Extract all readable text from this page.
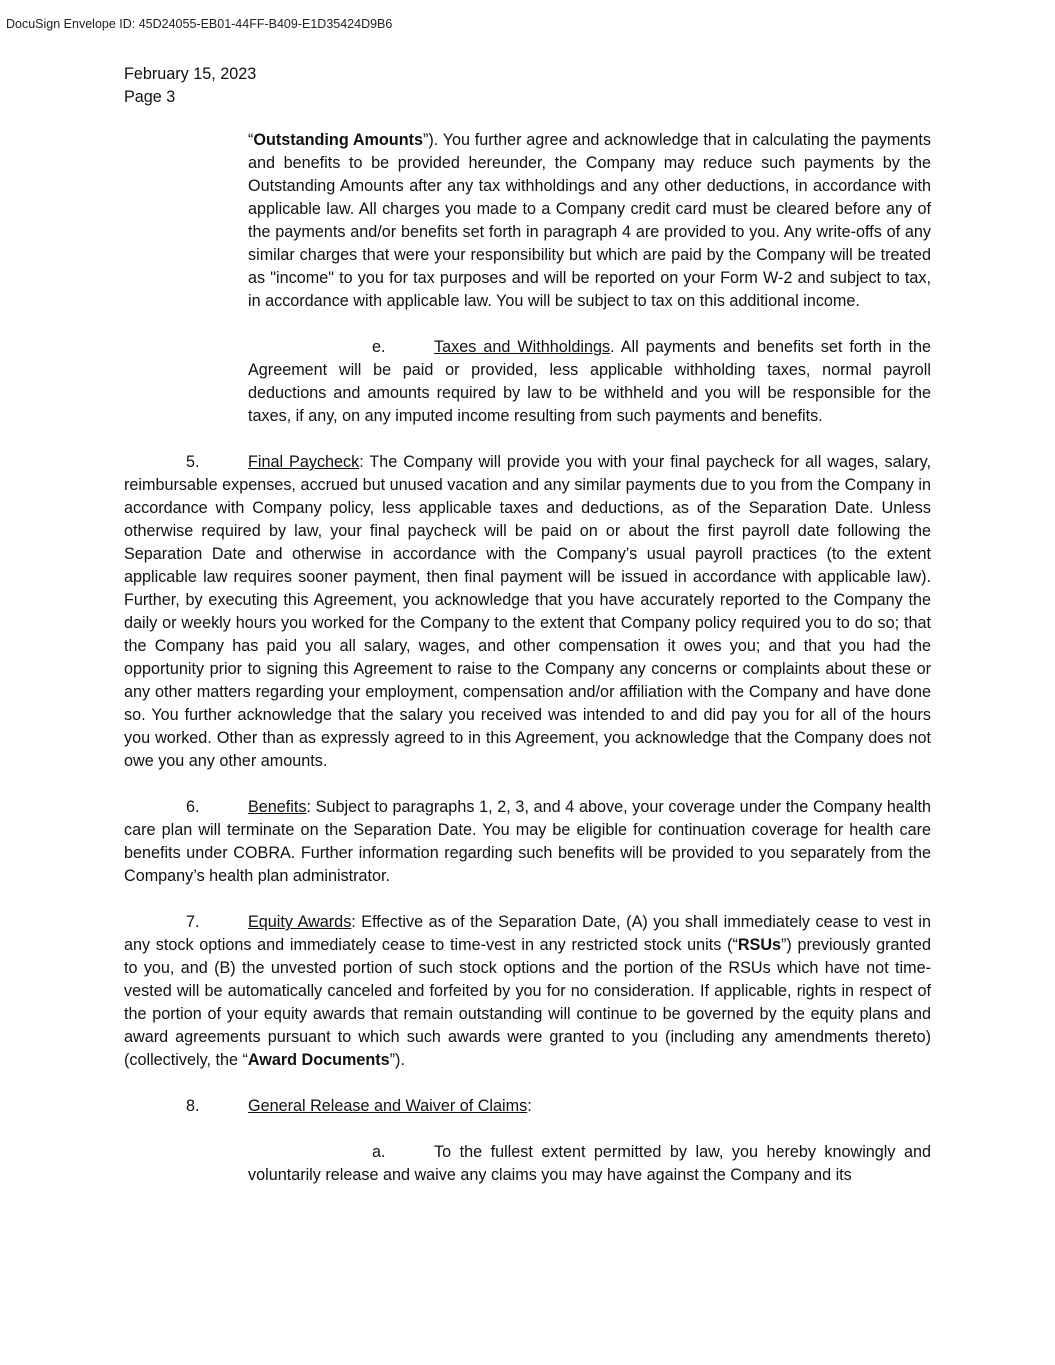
DocuSign Envelope ID: 45D24055-EB01-44FF-B409-E1D35424D9B6
February 15, 2023
Page 3

“Outstanding Amounts”). You further agree and acknowledge that in calculating the payments and benefits to be provided hereunder, the Company may reduce such payments by the Outstanding Amounts after any tax withholdings and any other deductions, in accordance with applicable law. All charges you made to a Company credit card must be cleared before any of the payments and/or benefits set forth in paragraph 4 are provided to you. Any write-offs of any similar charges that were your responsibility but which are paid by the Company will be treated as "income" to you for tax purposes and will be reported on your Form W-2 and subject to tax, in accordance with applicable law. You will be subject to tax on this additional income.

e.	Taxes and Withholdings. All payments and benefits set forth in the Agreement will be paid or provided, less applicable withholding taxes, normal payroll deductions and amounts required by law to be withheld and you will be responsible for the taxes, if any, on any imputed income resulting from such payments and benefits.

5.	Final Paycheck: The Company will provide you with your final paycheck for all wages, salary, reimbursable expenses, accrued but unused vacation and any similar payments due to you from the Company in accordance with Company policy, less applicable taxes and deductions, as of the Separation Date. Unless otherwise required by law, your final paycheck will be paid on or about the first payroll date following the Separation Date and otherwise in accordance with the Company’s usual payroll practices (to the extent applicable law requires sooner payment, then final payment will be issued in accordance with applicable law). Further, by executing this Agreement, you acknowledge that you have accurately reported to the Company the daily or weekly hours you worked for the Company to the extent that Company policy required you to do so; that the Company has paid you all salary, wages, and other compensation it owes you; and that you had the opportunity prior to signing this Agreement to raise to the Company any concerns or complaints about these or any other matters regarding your employment, compensation and/or affiliation with the Company and have done so. You further acknowledge that the salary you received was intended to and did pay you for all of the hours you worked. Other than as expressly agreed to in this Agreement, you acknowledge that the Company does not owe you any other amounts.

6.	Benefits: Subject to paragraphs 1, 2, 3, and 4 above, your coverage under the Company health care plan will terminate on the Separation Date. You may be eligible for continuation coverage for health care benefits under COBRA. Further information regarding such benefits will be provided to you separately from the Company’s health plan administrator.

7.	Equity Awards: Effective as of the Separation Date, (A) you shall immediately cease to vest in any stock options and immediately cease to time-vest in any restricted stock units (“RSUs”) previously granted to you, and (B) the unvested portion of such stock options and the portion of the RSUs which have not time-vested will be automatically canceled and forfeited by you for no consideration. If applicable, rights in respect of the portion of your equity awards that remain outstanding will continue to be governed by the equity plans and award agreements pursuant to which such awards were granted to you (including any amendments thereto) (collectively, the “Award Documents”).

8.	General Release and Waiver of Claims:

a.	To the fullest extent permitted by law, you hereby knowingly and voluntarily release and waive any claims you may have against the Company and its
